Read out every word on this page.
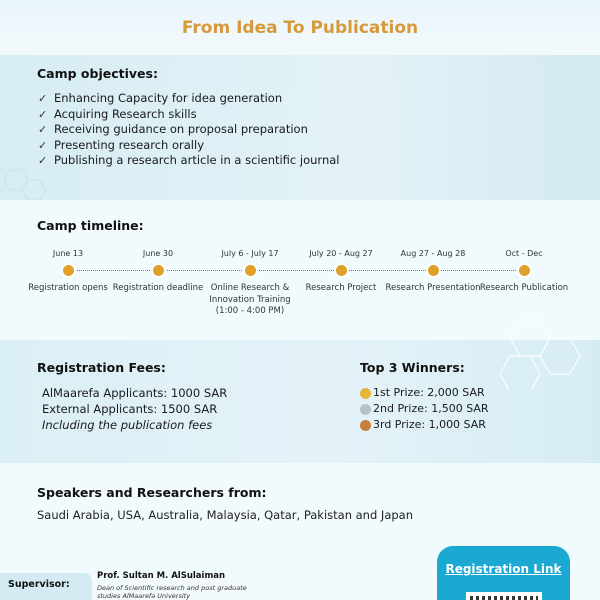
From Idea To Publication
Camp objectives:
✓ Enhancing Capacity for idea generation
✓ Acquiring Research skills
✓ Receiving guidance on proposal preparation
✓ Presenting research orally
✓ Publishing a research article in a scientific journal
Camp timeline:
June 13
Registration opens
June 30
Registration deadline
July 6 - July 17
Online Research & Innovation Training
(1:00 - 4:00 PM)
July 20 - Aug 27
Research Project
Aug 27 - Aug 28
Research Presentation
Oct - Dec
Research Publication
Registration Fees:
AlMaarefa Applicants: 1000 SAR
External Applicants: 1500 SAR
Including the publication fees
Top 3 Winners:
1st Prize: 2,000 SAR
2nd Prize: 1,500 SAR
3rd Prize: 1,000 SAR
Speakers and Researchers from:
Saudi Arabia, USA, Australia, Malaysia, Qatar, Pakistan and Japan
Supervisor:
Prof. Sultan M. AlSulaiman
Dean of Scientific research and post graduate studies AlMaarefa University
Registration Link
